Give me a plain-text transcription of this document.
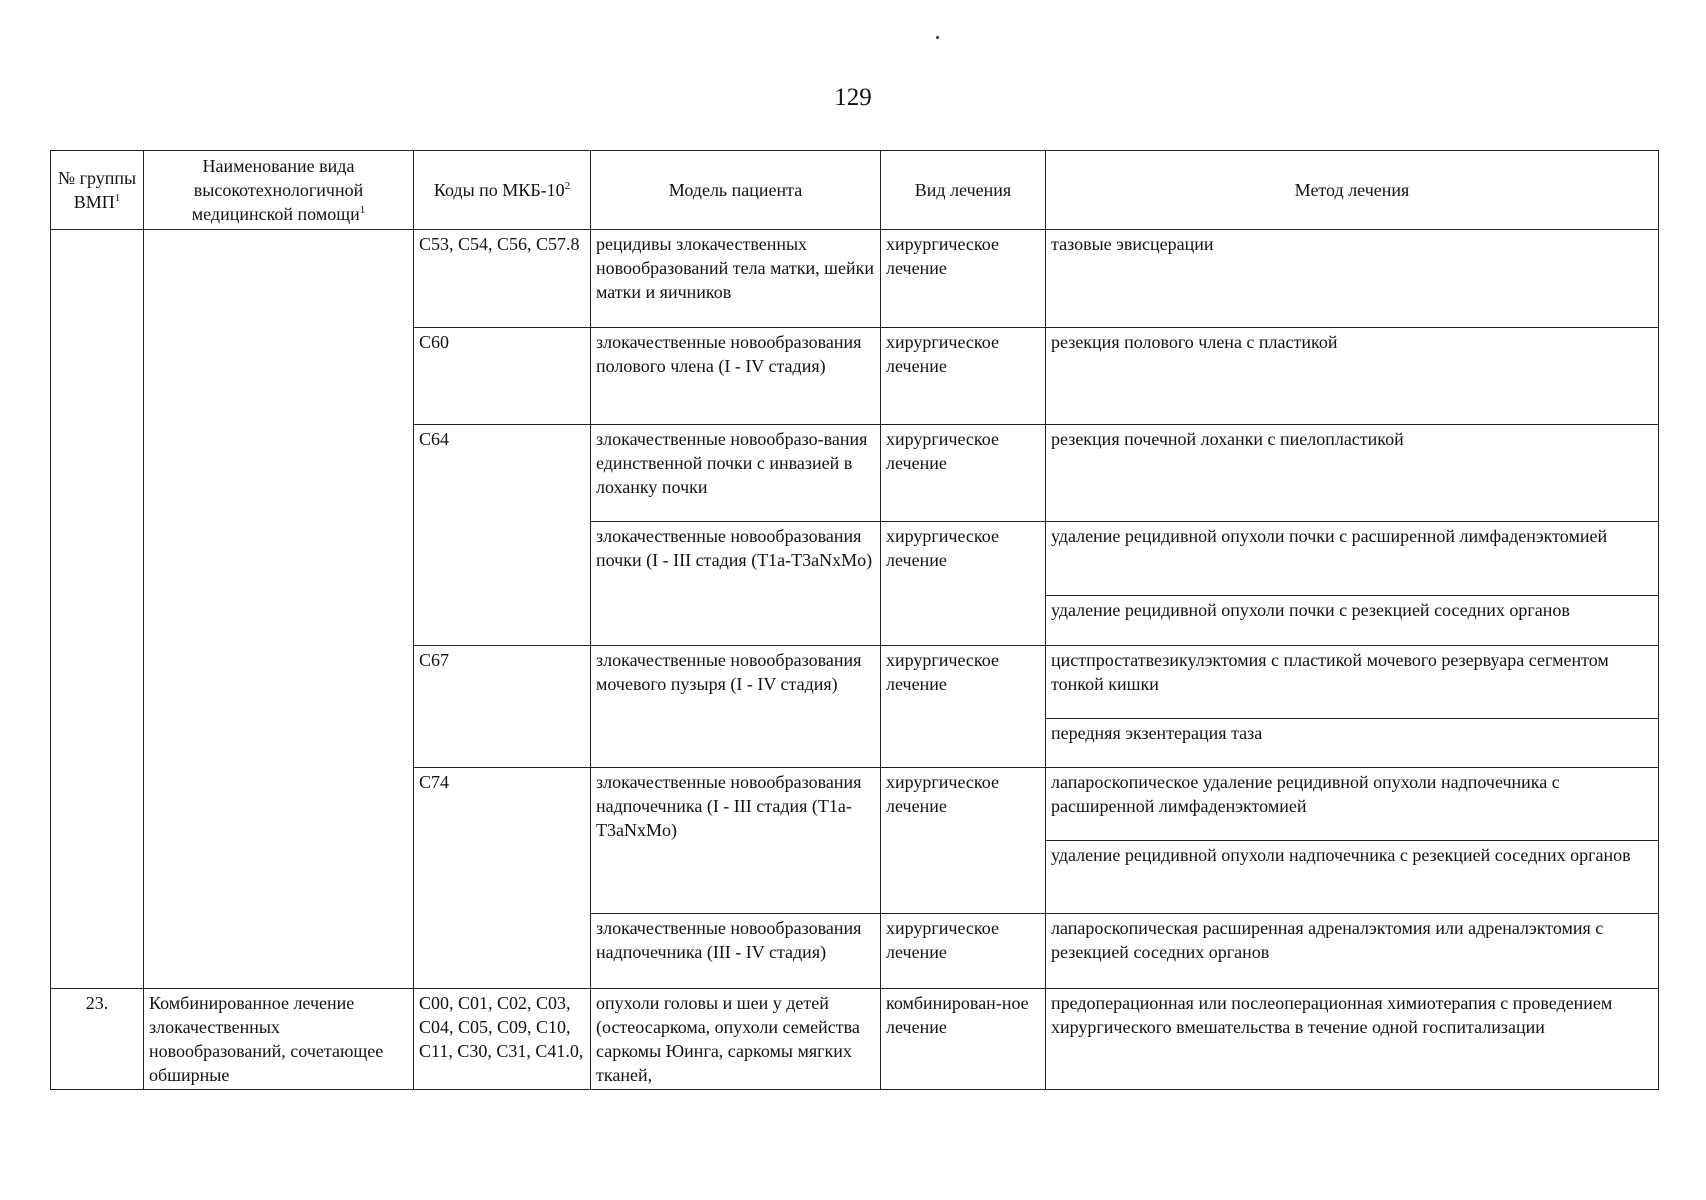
129
№ группы ВМП$^1$	Наименование вида высокотехнологичной медицинской помощи$^1$	Коды по МКБ-$10^2$	Модель пациента	Вид лечения	Метод лечения
		C53, C54, C56, C57.8	рецидивы злокачественных новообразований тела матки, шейки матки и яичников	хирургическое лечение	тазовые эвисцерации
		C60	злокачественные новообразования полового члена (I - IV стадия)	хирургическое лечение	резекция полового члена с пластикой
		C64	злокачественные новообразо-вания единственной почки с инвазией в лоханку почки	хирургическое лечение	резекция почечной лоханки с пиелопластикой
			злокачественные новообразования почки (I - III стадия (T1a-T3aNxMo)	хирургическое лечение	удаление рецидивной опухоли почки с расширенной лимфаденэктомией
					удаление рецидивной опухоли почки с резекцией соседних органов
		C67	злокачественные новообразования мочевого пузыря (I - IV стадия)	хирургическое лечение	цистпростатвезикулэктомия с пластикой мочевого резервуара сегментом тонкой кишки
					передняя экзентерация таза
		C74	злокачественные новообразования надпочечника (I - III стадия (T1a-T3aNxMo)	хирургическое лечение	лапароскопическое удаление рецидивной опухоли надпочечника с расширенной лимфаденэктомией
					удаление рецидивной опухоли надпочечника с резекцией соседних органов
			злокачественные новообразования надпочечника (III - IV стадия)	хирургическое лечение	лапароскопическая расширенная адреналэктомия или адреналэктомия с резекцией соседних органов
23.	Комбинированное лечение злокачественных новообразований, сочетающее обширные	C00, C01, C02, C03, C04, C05, C09, C10, C11, C30, C31, C41.0,	опухоли головы и шеи у детей (остеосаркома, опухоли семейства саркомы Юинга, саркомы мягких тканей,	комбинирован-ное лечение	предоперационная или послеоперационная химиотерапия с проведением хирургического вмешательства в течение одной госпитализации
